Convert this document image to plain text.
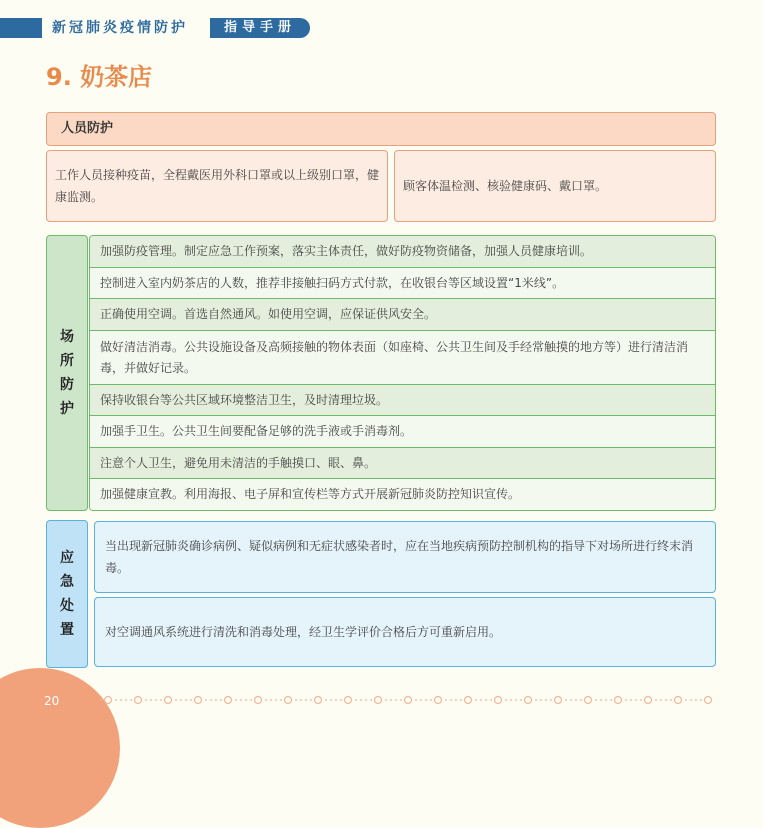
新冠肺炎疫情防护	指导手册
9. 奶茶店
人员防护
工作人员接种疫苗，全程戴医用外科口罩或以上级别口罩，健康监测。
顾客体温检测、核验健康码、戴口罩。
场
所
防
护
加强防疫管理。制定应急工作预案，落实主体责任，做好防疫物资储备，加强人员健康培训。
控制进入室内奶茶店的人数，推荐非接触扫码方式付款，在收银台等区域设置“1米线”。
正确使用空调。首选自然通风。如使用空调，应保证供风安全。
做好清洁消毒。公共设施设备及高频接触的物体表面（如座椅、公共卫生间及手经常触摸的地方等）进行清洁消毒，并做好记录。
保持收银台等公共区域环境整洁卫生，及时清理垃圾。
加强手卫生。公共卫生间要配备足够的洗手液或手消毒剂。
注意个人卫生，避免用未清洁的手触摸口、眼、鼻。
加强健康宣教。利用海报、电子屏和宣传栏等方式开展新冠肺炎防控知识宣传。
应
急
处
置
当出现新冠肺炎确诊病例、疑似病例和无症状感染者时，应在当地疾病预防控制机构的指导下对场所进行终末消毒。
对空调通风系统进行清洗和消毒处理，经卫生学评价合格后方可重新启用。
20
